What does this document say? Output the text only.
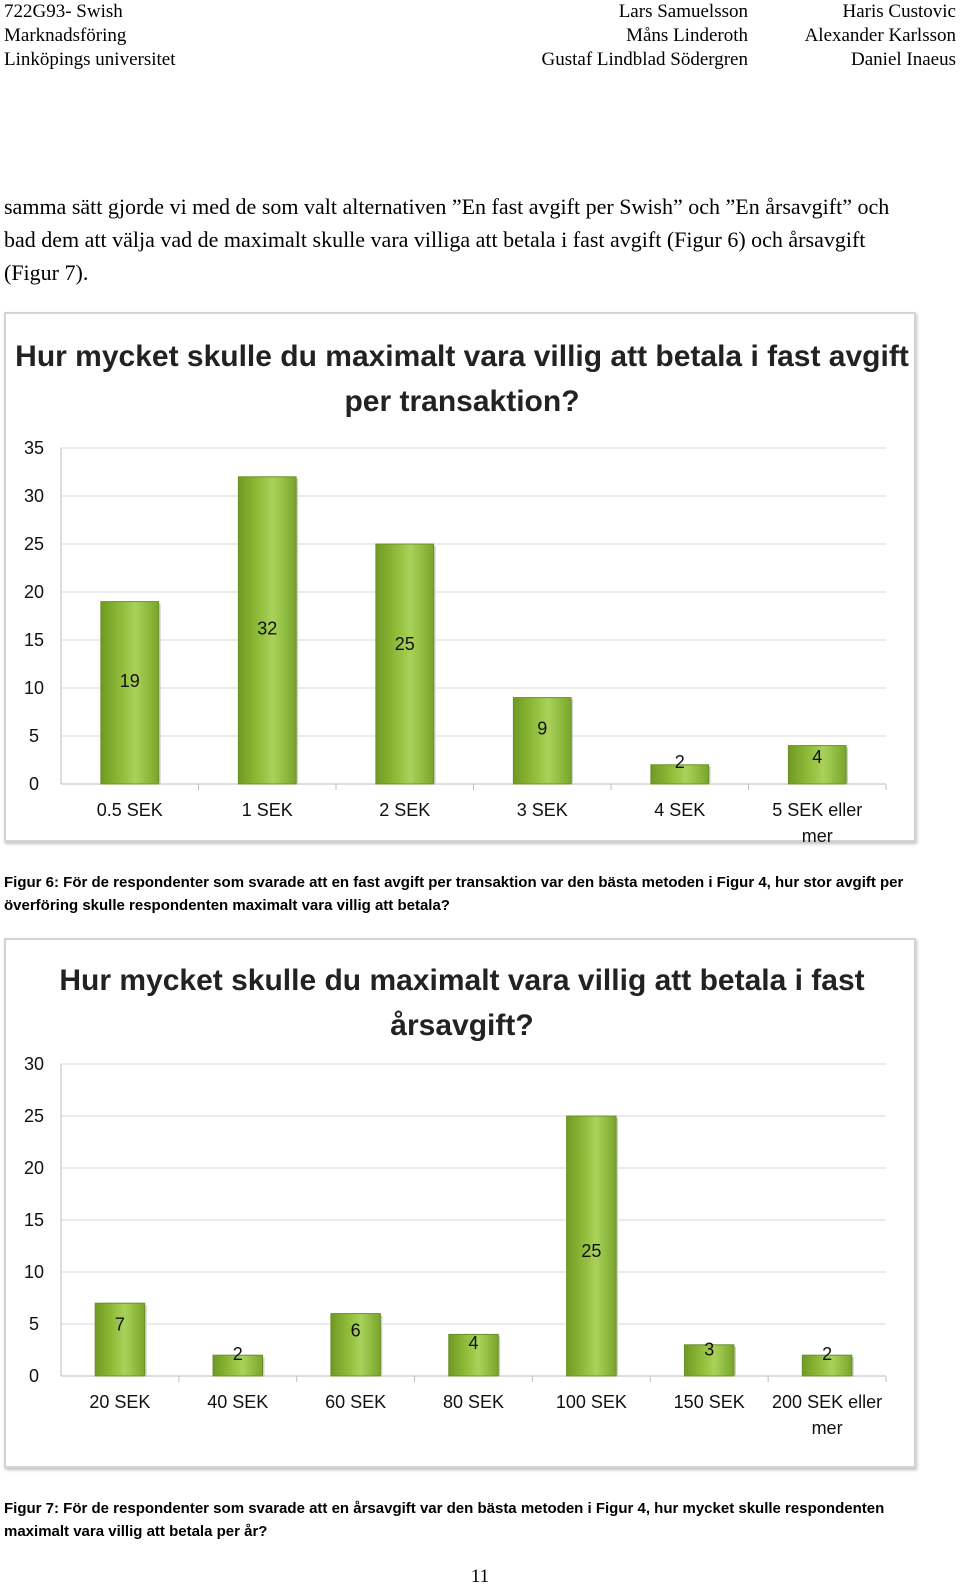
722G93- Swish
Marknadsföring
Linköpings universitet
Lars Samuelsson
Måns Linderoth
Gustaf Lindblad Södergren
Haris Custovic
Alexander Karlsson
Daniel Inaeus
samma sätt gjorde vi med de som valt alternativen ”En fast avgift per Swish” och ”En årsavgift” och bad dem att välja vad de maximalt skulle vara villiga att betala i fast avgift (Figur 6) och årsavgift (Figur 7).
Hur mycket skulle du maximalt vara villig att betala i fast avgift per transaktion?
0
5
10
15
20
25
30
35
19
0.5 SEK
32
1 SEK
25
2 SEK
9
3 SEK
2
4 SEK
4
5 SEK eller
mer
Figur 6: För de respondenter som svarade att en fast avgift per transaktion var den bästa metoden i Figur 4, hur stor avgift per överföring skulle respondenten maximalt vara villig att betala?
Hur mycket skulle du maximalt vara villig att betala i fast årsavgift?
0
5
10
15
20
25
30
7
20 SEK
2
40 SEK
6
60 SEK
4
80 SEK
25
100 SEK
3
150 SEK
2
200 SEK eller
mer
Figur 7: För de respondenter som svarade att en årsavgift var den bästa metoden i Figur 4, hur mycket skulle respondenten maximalt vara villig att betala per år?
11
